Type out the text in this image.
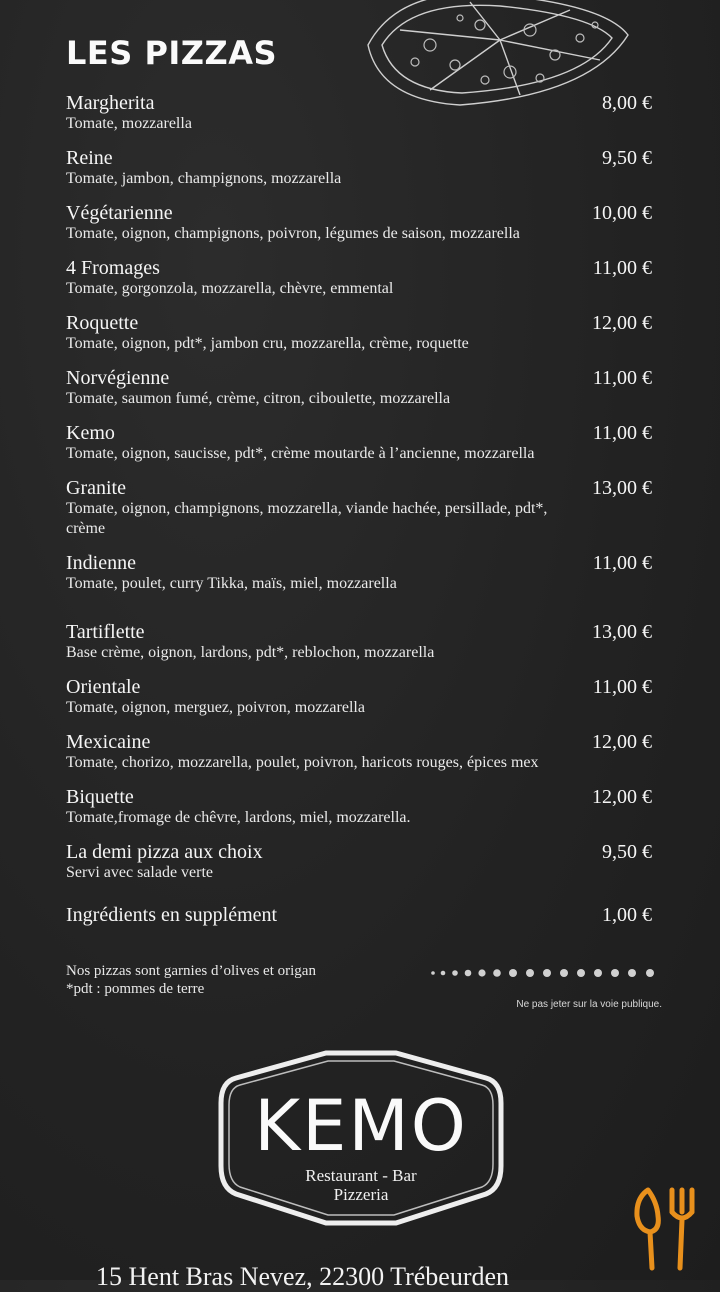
LES PIZZAS
Margherita
Tomate, mozzarella
8,00 €
Reine
Tomate, jambon, champignons, mozzarella
9,50 €
Végétarienne
Tomate, oignon, champignons, poivron, légumes de saison, mozzarella
10,00 €
4 Fromages
Tomate, gorgonzola, mozzarella, chèvre, emmental
11,00 €
Roquette
Tomate, oignon, pdt*, jambon cru, mozzarella, crème, roquette
12,00 €
Norvégienne
Tomate, saumon fumé, crème, citron, ciboulette, mozzarella
11,00 €
Kemo
Tomate, oignon, saucisse, pdt*, crème moutarde à l’ancienne, mozzarella
11,00 €
Granite
Tomate, oignon, champignons, mozzarella, viande hachée, persillade, pdt*, crème
13,00 €
Indienne
Tomate, poulet, curry Tikka, maïs, miel, mozzarella
11,00 €
Tartiflette
Base crème, oignon, lardons, pdt*, reblochon, mozzarella
13,00 €
Orientale
Tomate, oignon, merguez, poivron, mozzarella
11,00 €
Mexicaine
Tomate, chorizo, mozzarella, poulet, poivron, haricots rouges, épices mex
12,00 €
Biquette
Tomate,fromage de chêvre, lardons, miel, mozzarella.
12,00 €
La demi pizza aux choix
Servi avec salade verte
9,50 €
Ingrédients en supplément	1,00 €
Nos pizzas sont garnies d’olives et origan
*pdt : pommes de terre
Ne pas jeter sur la voie publique.
KEMO
Restaurant - Bar
Pizzeria
15 Hent Bras Nevez, 22300 Trébeurden
